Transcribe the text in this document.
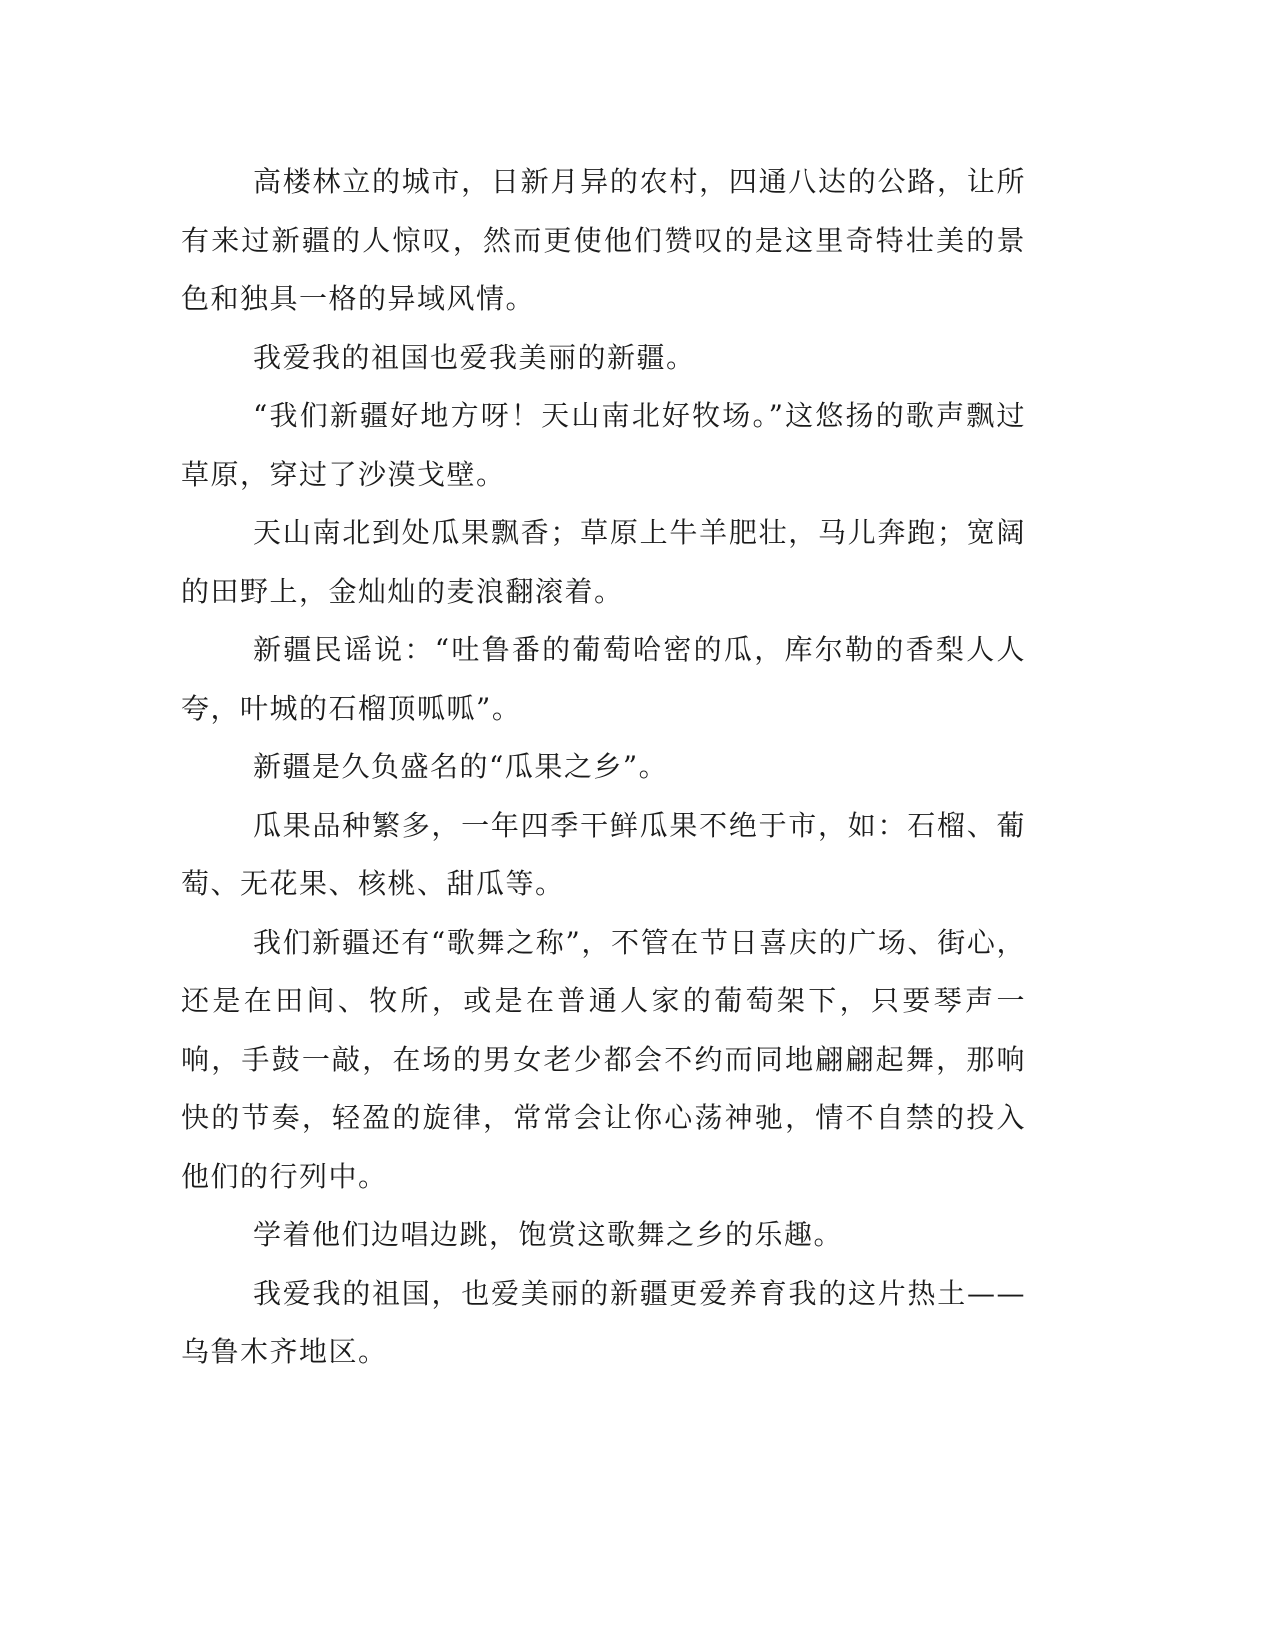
高楼林立的城市，日新月异的农村，四通八达的公路，让所有来过新疆的人惊叹，然而更使他们赞叹的是这里奇特壮美的景色和独具一格的异域风情。

我爱我的祖国也爱我美丽的新疆。

“我们新疆好地方呀！天山南北好牧场。”这悠扬的歌声飘过草原，穿过了沙漠戈壁。

天山南北到处瓜果飘香；草原上牛羊肥壮，马儿奔跑；宽阔的田野上，金灿灿的麦浪翻滚着。

新疆民谣说：“吐鲁番的葡萄哈密的瓜，库尔勒的香梨人人夸，叶城的石榴顶呱呱”。

新疆是久负盛名的“瓜果之乡”。

瓜果品种繁多，一年四季干鲜瓜果不绝于市，如：石榴、葡萄、无花果、核桃、甜瓜等。

我们新疆还有“歌舞之称”，不管在节日喜庆的广场、街心，还是在田间、牧所，或是在普通人家的葡萄架下，只要琴声一响，手鼓一敲，在场的男女老少都会不约而同地翩翩起舞，那响快的节奏，轻盈的旋律，常常会让你心荡神驰，情不自禁的投入他们的行列中。

学着他们边唱边跳，饱赏这歌舞之乡的乐趣。

我爱我的祖国，也爱美丽的新疆更爱养育我的这片热土——乌鲁木齐地区。
